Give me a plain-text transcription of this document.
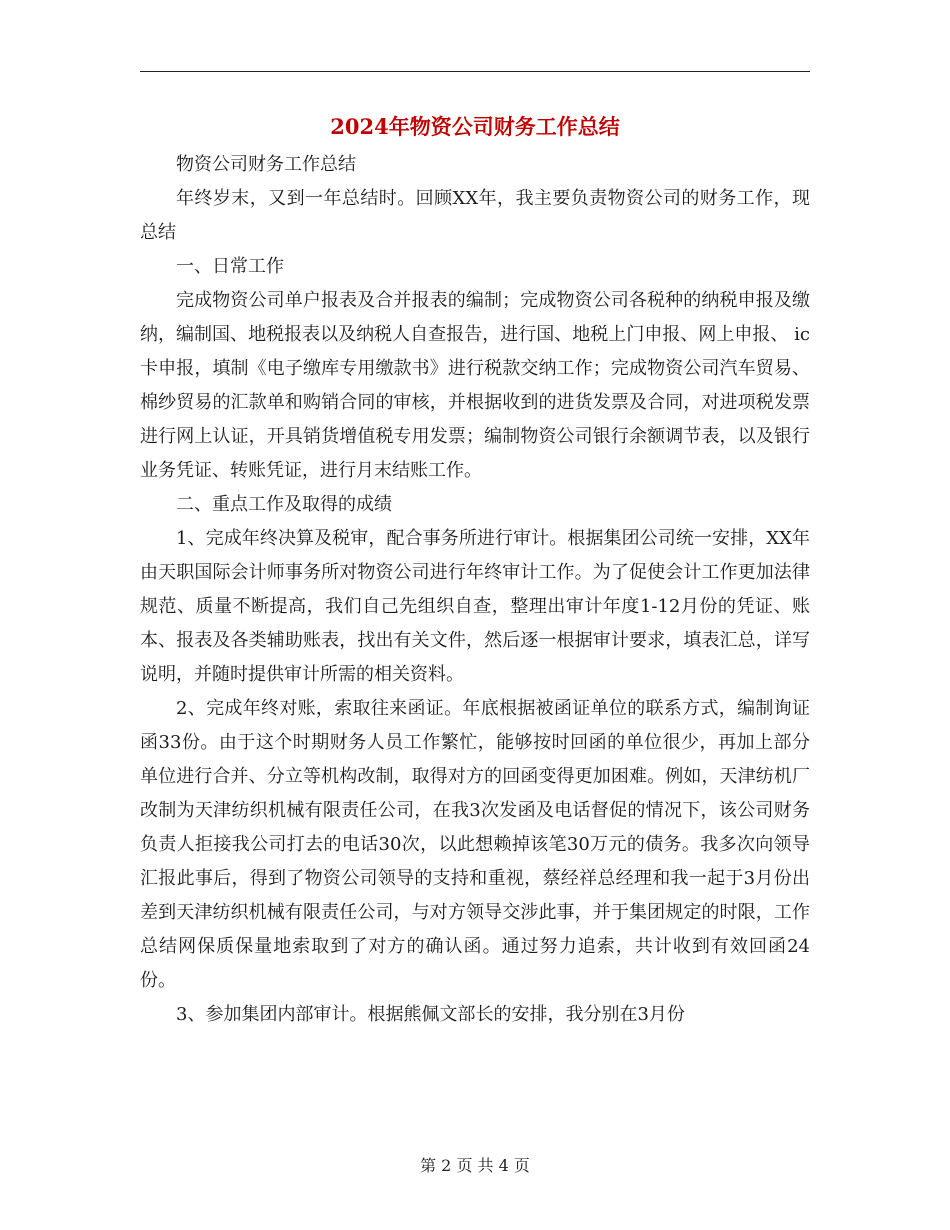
2024年物资公司财务工作总结

物资公司财务工作总结

年终岁末，又到一年总结时。回顾XX年，我主要负责物资公司的财务工作，现总结

一、日常工作

完成物资公司单户报表及合并报表的编制；完成物资公司各税种的纳税申报及缴纳，编制国、地税报表以及纳税人自查报告，进行国、地税上门申报、网上申报、 ic卡申报，填制《电子缴库专用缴款书》进行税款交纳工作；完成物资公司汽车贸易、棉纱贸易的汇款单和购销合同的审核，并根据收到的进货发票及合同，对进项税发票进行网上认证，开具销货增值税专用发票；编制物资公司银行余额调节表，以及银行业务凭证、转账凭证，进行月末结账工作。

二、重点工作及取得的成绩

1、完成年终决算及税审，配合事务所进行审计。根据集团公司统一安排，XX年由天职国际会计师事务所对物资公司进行年终审计工作。为了促使会计工作更加法律规范、质量不断提高，我们自己先组织自查，整理出审计年度1-12月份的凭证、账本、报表及各类辅助账表，找出有关文件，然后逐一根据审计要求，填表汇总，详写说明，并随时提供审计所需的相关资料。

2、完成年终对账，索取往来函证。年底根据被函证单位的联系方式，编制询证函33份。由于这个时期财务人员工作繁忙，能够按时回函的单位很少，再加上部分单位进行合并、分立等机构改制，取得对方的回函变得更加困难。例如，天津纺机厂改制为天津纺织机械有限责任公司，在我3次发函及电话督促的情况下，该公司财务负责人拒接我公司打去的电话30次，以此想赖掉该笔30万元的债务。我多次向领导汇报此事后，得到了物资公司领导的支持和重视，蔡经祥总经理和我一起于3月份出差到天津纺织机械有限责任公司，与对方领导交涉此事，并于集团规定的时限，工作总结网保质保量地索取到了对方的确认函。通过努力追索，共计收到有效回函24份。

3、参加集团内部审计。根据熊佩文部长的安排，我分别在3月份

第 2 页 共 4 页
